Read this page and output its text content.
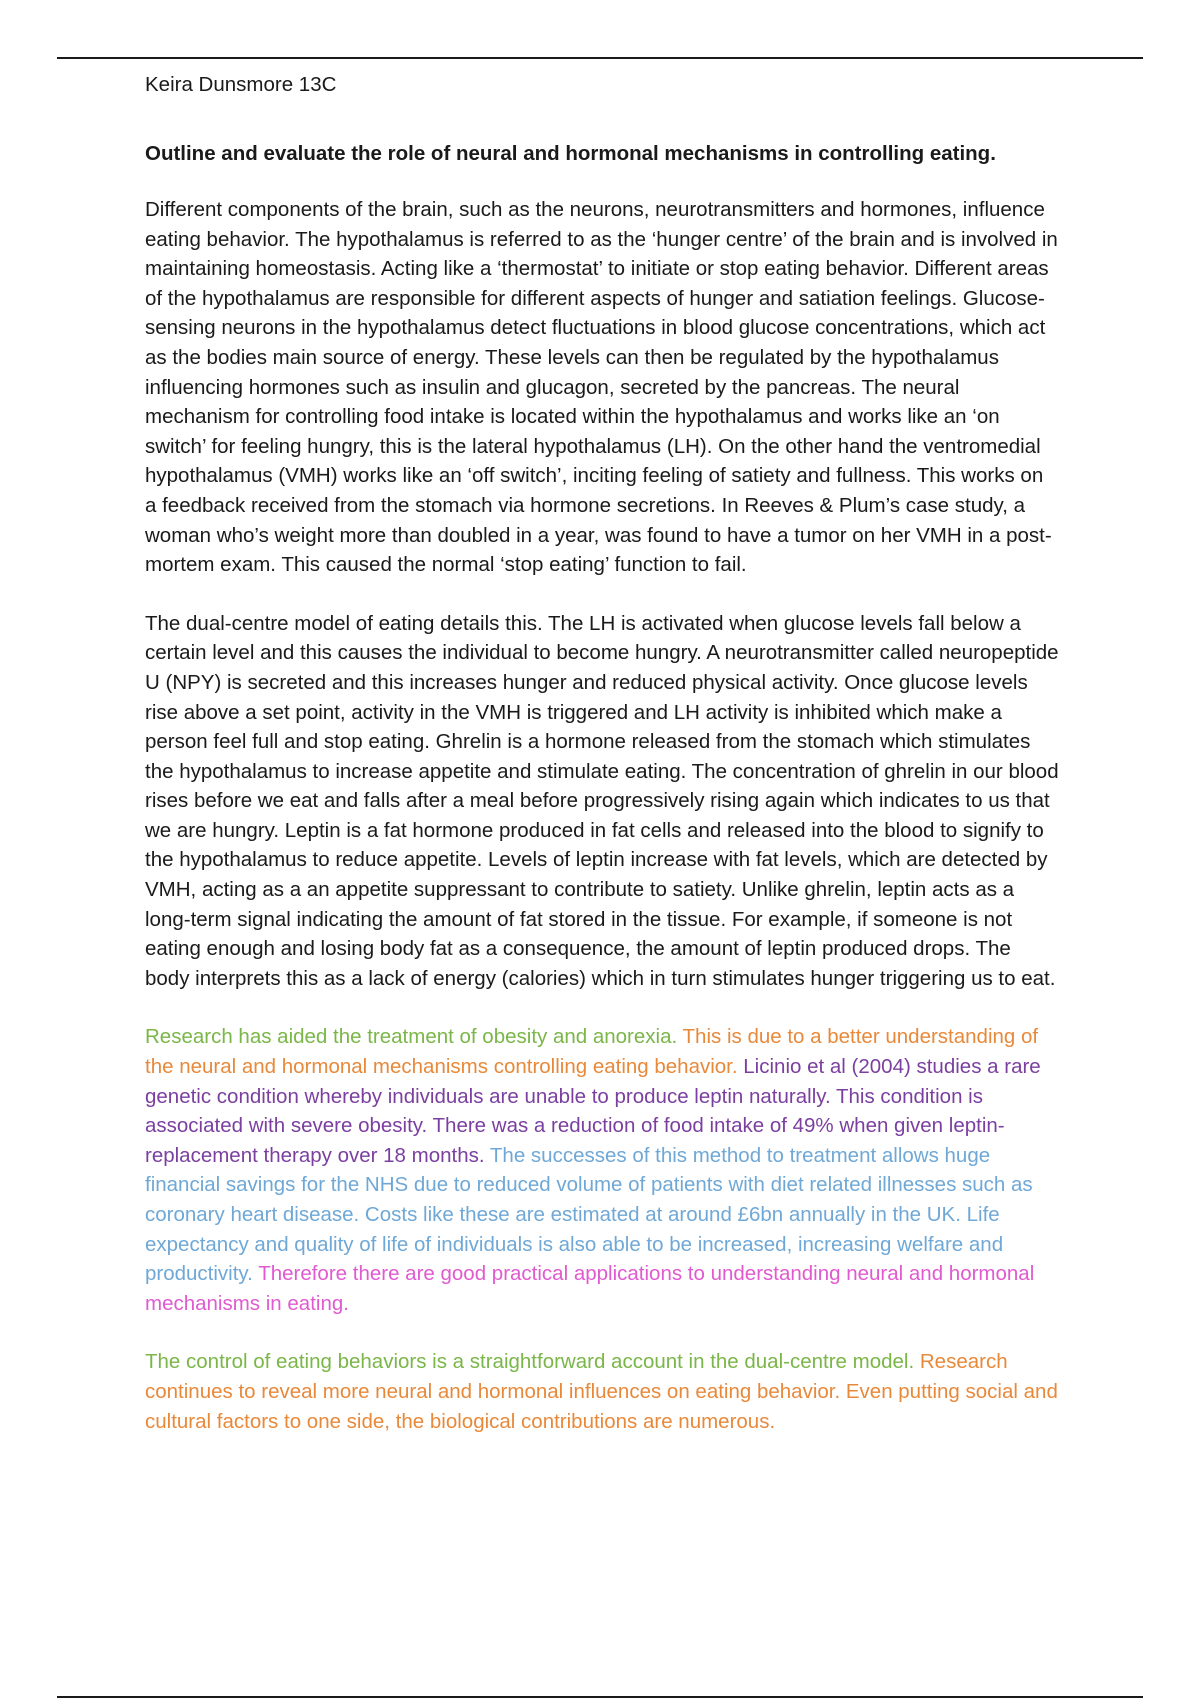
Keira Dunsmore 13C

Outline and evaluate the role of neural and hormonal mechanisms in controlling eating.

Different components of the brain, such as the neurons, neurotransmitters and hormones, influence eating behavior. The hypothalamus is referred to as the ‘hunger centre’ of the brain and is involved in maintaining homeostasis. Acting like a ‘thermostat’ to initiate or stop eating behavior. Different areas of the hypothalamus are responsible for different aspects of hunger and satiation feelings. Glucose-sensing neurons in the hypothalamus detect fluctuations in blood glucose concentrations, which act as the bodies main source of energy. These levels can then be regulated by the hypothalamus influencing hormones such as insulin and glucagon, secreted by the pancreas. The neural mechanism for controlling food intake is located within the hypothalamus and works like an ‘on switch’ for feeling hungry, this is the lateral hypothalamus (LH). On the other hand the ventromedial hypothalamus (VMH) works like an ‘off switch’, inciting feeling of satiety and fullness. This works on a feedback received from the stomach via hormone secretions. In Reeves & Plum’s case study, a woman who’s weight more than doubled in a year, was found to have a tumor on her VMH in a post-mortem exam. This caused the normal ‘stop eating’ function to fail.

The dual-centre model of eating details this. The LH is activated when glucose levels fall below a certain level and this causes the individual to become hungry. A neurotransmitter called neuropeptide U (NPY) is secreted and this increases hunger and reduced physical activity. Once glucose levels rise above a set point, activity in the VMH is triggered and LH activity is inhibited which make a person feel full and stop eating. Ghrelin is a hormone released from the stomach which stimulates the hypothalamus to increase appetite and stimulate eating. The concentration of ghrelin in our blood rises before we eat and falls after a meal before progressively rising again which indicates to us that we are hungry. Leptin is a fat hormone produced in fat cells and released into the blood to signify to the hypothalamus to reduce appetite. Levels of leptin increase with fat levels, which are detected by VMH, acting as a an appetite suppressant to contribute to satiety. Unlike ghrelin, leptin acts as a long-term signal indicating the amount of fat stored in the tissue. For example, if someone is not eating enough and losing body fat as a consequence, the amount of leptin produced drops. The body interprets this as a lack of energy (calories) which in turn stimulates hunger triggering us to eat.

Research has aided the treatment of obesity and anorexia. This is due to a better understanding of the neural and hormonal mechanisms controlling eating behavior. Licinio et al (2004) studies a rare genetic condition whereby individuals are unable to produce leptin naturally. This condition is associated with severe obesity. There was a reduction of food intake of 49% when given leptin-replacement therapy over 18 months. The successes of this method to treatment allows huge financial savings for the NHS due to reduced volume of patients with diet related illnesses such as coronary heart disease. Costs like these are estimated at around £6bn annually in the UK. Life expectancy and quality of life of individuals is also able to be increased, increasing welfare and productivity. Therefore there are good practical applications to understanding neural and hormonal mechanisms in eating.

The control of eating behaviors is a straightforward account in the dual-centre model. Research continues to reveal more neural and hormonal influences on eating behavior. Even putting social and cultural factors to one side, the biological contributions are numerous.
